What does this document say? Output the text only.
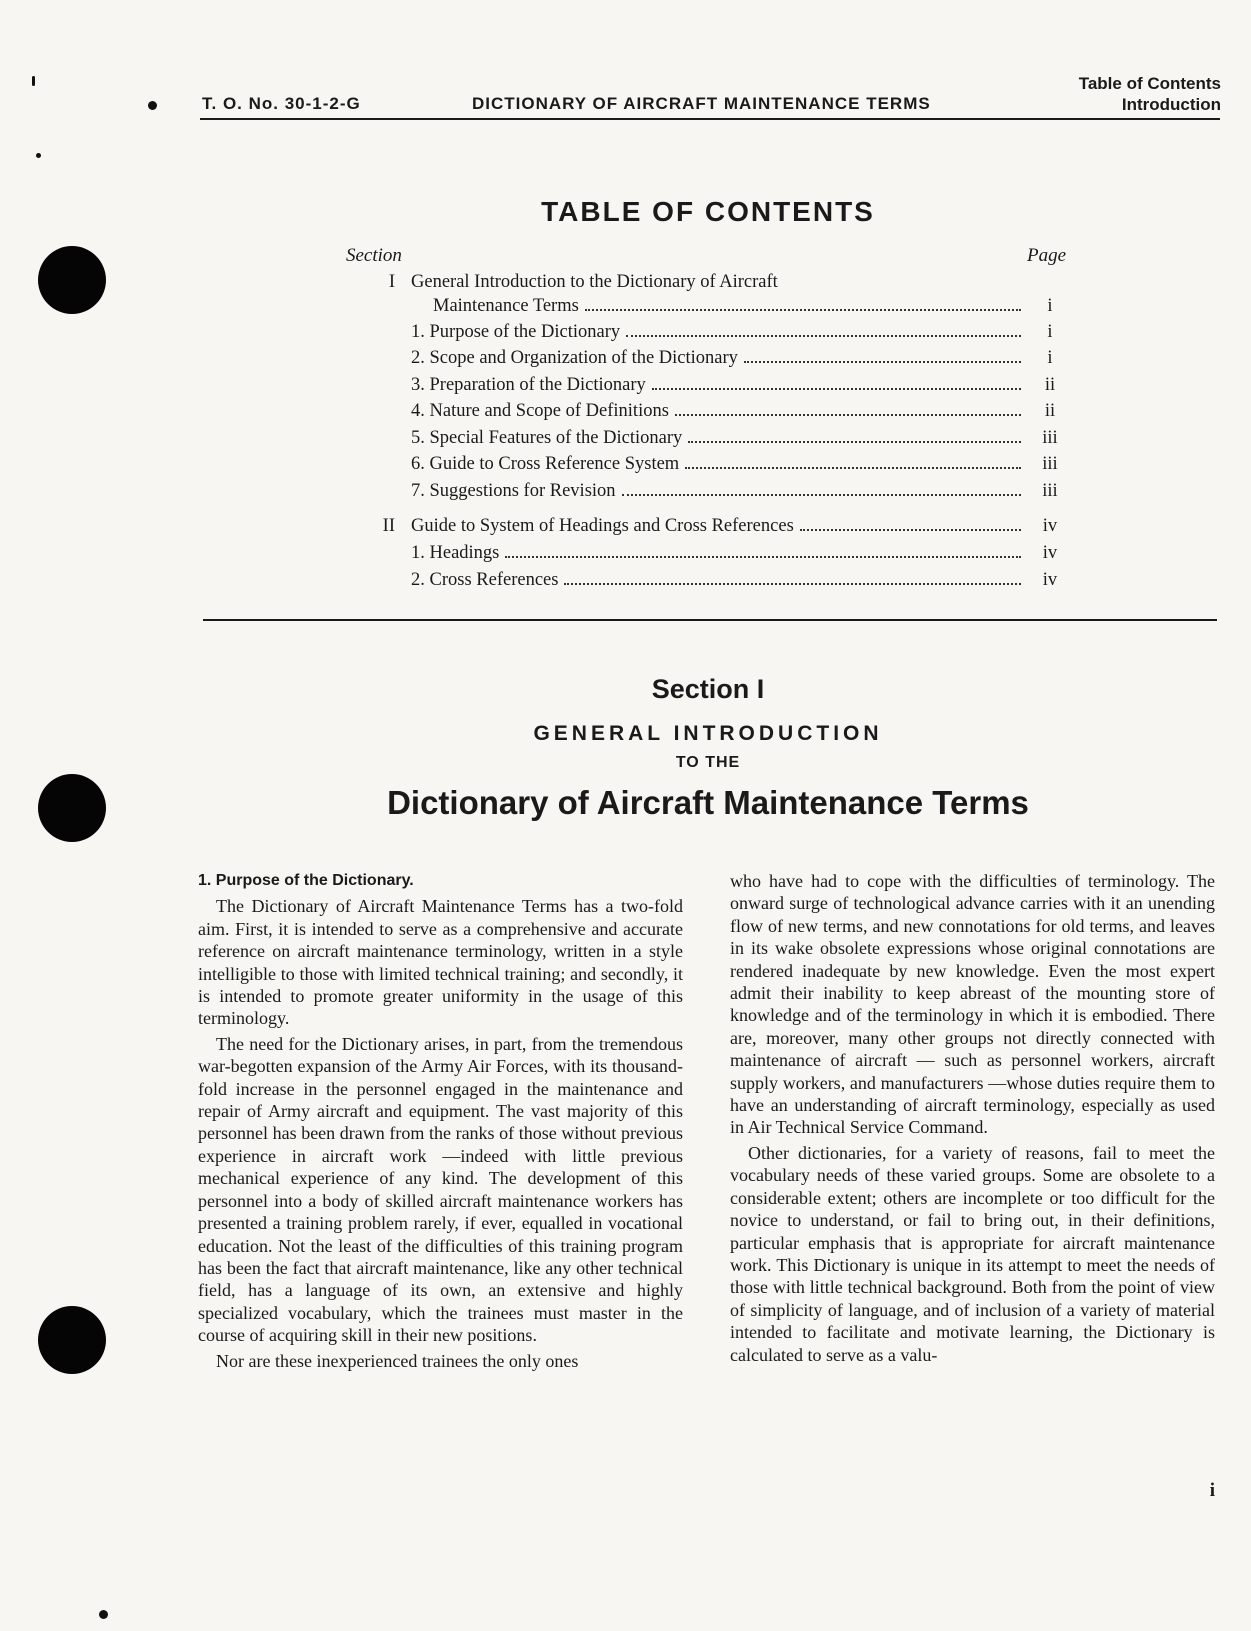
T. O. No. 30-1-2-G	DICTIONARY OF AIRCRAFT MAINTENANCE TERMS
Table of Contents
Introduction
TABLE OF CONTENTS
Section	Page
I General Introduction to the Dictionary of Aircraft
Maintenance Terms	i
1. Purpose of the Dictionary	i
2. Scope and Organization of the Dictionary	i
3. Preparation of the Dictionary	ii
4. Nature and Scope of Definitions	ii
5. Special Features of the Dictionary	iii
6. Guide to Cross Reference System	iii
7. Suggestions for Revision	iii
II Guide to System of Headings and Cross References	iv
1. Headings	iv
2. Cross References	iv
Section I
GENERAL INTRODUCTION
TO THE
Dictionary of Aircraft Maintenance Terms

1. Purpose of the Dictionary.

The Dictionary of Aircraft Maintenance Terms has a two-fold aim. First, it is intended to serve as a comprehensive and accurate reference on aircraft maintenance terminology, written in a style intelligible to those with limited technical training; and secondly, it is intended to promote greater uniformity in the usage of this terminology.

The need for the Dictionary arises, in part, from the tremendous war-begotten expansion of the Army Air Forces, with its thousand-fold increase in the personnel engaged in the maintenance and repair of Army aircraft and equipment. The vast majority of this personnel has been drawn from the ranks of those without previous experience in aircraft work —indeed with little previous mechanical experience of any kind. The development of this personnel into a body of skilled aircraft maintenance workers has presented a training problem rarely, if ever, equalled in vocational education. Not the least of the difficulties of this training program has been the fact that aircraft maintenance, like any other technical field, has a language of its own, an extensive and highly specialized vocabulary, which the trainees must master in the course of acquiring skill in their new positions.

Nor are these inexperienced trainees the only ones

who have had to cope with the difficulties of terminology. The onward surge of technological advance carries with it an unending flow of new terms, and new connotations for old terms, and leaves in its wake obsolete expressions whose original connotations are rendered inadequate by new knowledge. Even the most expert admit their inability to keep abreast of the mounting store of knowledge and of the terminology in which it is embodied. There are, moreover, many other groups not directly connected with maintenance of aircraft — such as personnel workers, aircraft supply workers, and manufacturers —whose duties require them to have an understanding of aircraft terminology, especially as used in Air Technical Service Command.

Other dictionaries, for a variety of reasons, fail to meet the vocabulary needs of these varied groups. Some are obsolete to a considerable extent; others are incomplete or too difficult for the novice to understand, or fail to bring out, in their definitions, particular emphasis that is appropriate for aircraft maintenance work. This Dictionary is unique in its attempt to meet the needs of those with little technical background. Both from the point of view of simplicity of language, and of inclusion of a variety of material intended to facilitate and motivate learning, the Dictionary is calculated to serve as a valu-

i
